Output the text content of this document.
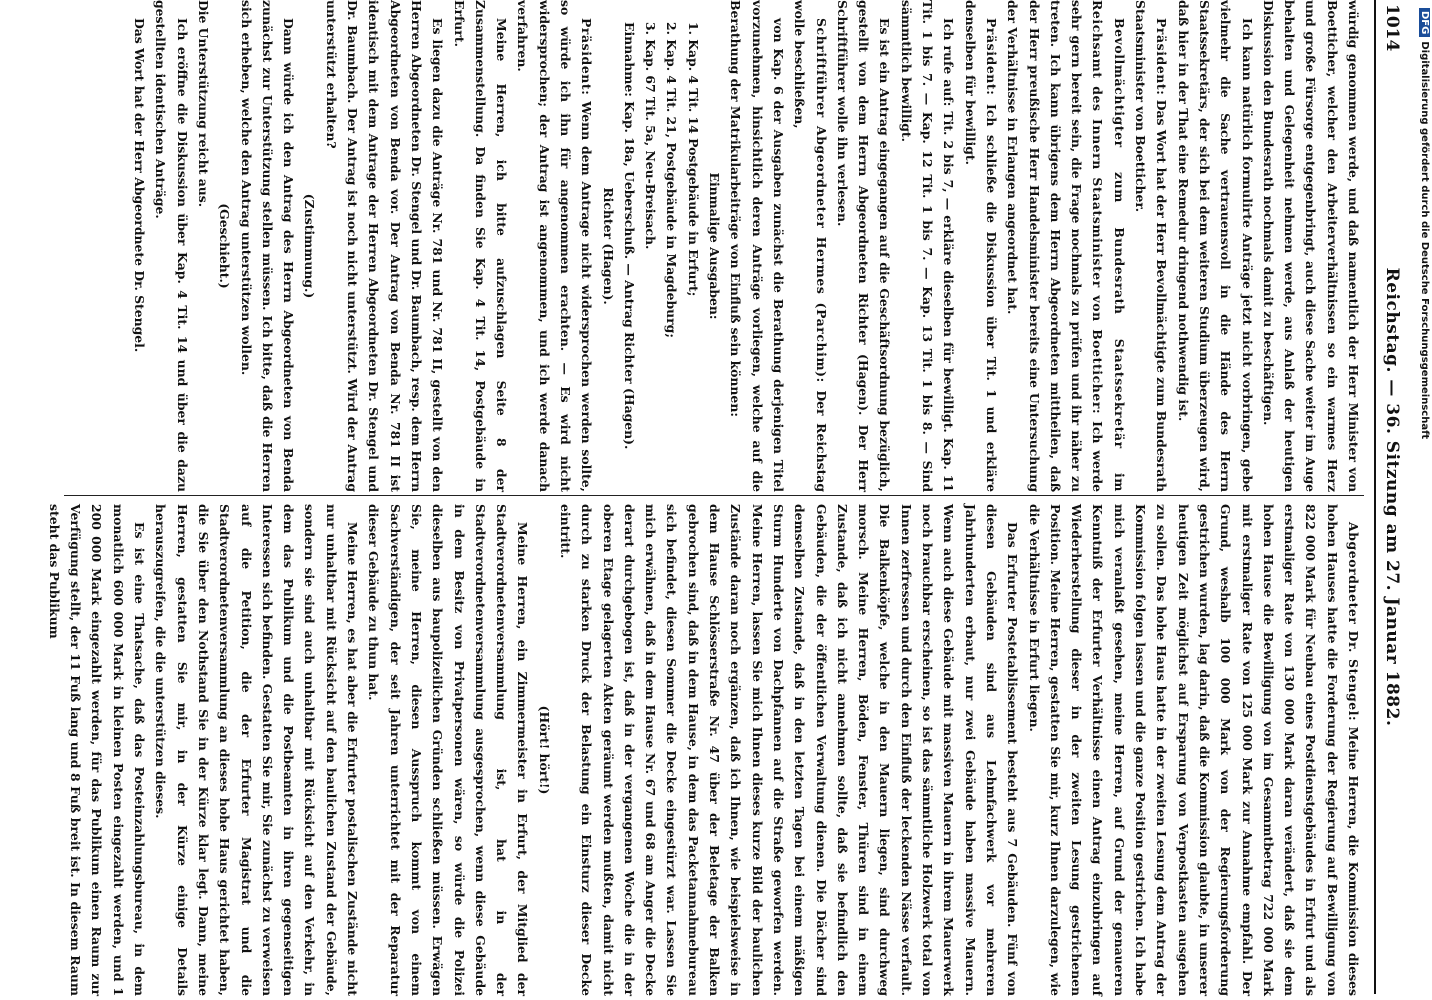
1014
Reichstag. — 36. Sitzung am 27. Januar 1882.

würdig genommen werde, und daß namentlich der Herr Minister von Boetticher, welcher den Arbeiterverhältnissen so ein warmes Herz und große Fürsorge entgegenbringt, auch diese Sache weiter im Auge behalten und Gelegenheit nehmen werde, aus Anlaß der heutigen Diskussion den Bundesrath nochmals damit zu beschäftigen.

Ich kann natürlich formulirte Anträge jetzt nicht vorbringen, gebe vielmehr die Sache vertrauensvoll in die Hände des Herrn Staatssekretärs, der sich bei dem weiteren Studium überzeugen wird, daß hier in der That eine Remedur dringend nothwendig ist.

Präsident: Das Wort hat der Herr Bevollmächtigte zum Bundesrath Staatsminister von Boetticher.

Bevollmächtigter zum Bundesrath Staatssekretär im Reichsamt des Innern Staatsminister von Boetticher: Ich werde sehr gern bereit sein, die Frage nochmals zu prüfen und ihr näher zu treten. Ich kann übrigens dem Herrn Abgeordneten mittheilen, daß der Herr preußische Herr Handelsminister bereits eine Untersuchung der Verhältnisse in Erlangen angeordnet hat.

Präsident: Ich schließe die Diskussion über Tit. 1 und erkläre denselben für bewilligt.

Ich rufe auf: Tit. 2 bis 7, — erkläre dieselben für bewilligt. Kap. 11 Tit. 1 bis 7. — Kap. 12 Tit. 1 bis 7. — Kap. 13 Tit. 1 bis 8. — Sind sämmtlich bewilligt.

Es ist ein Antrag eingegangen auf die Geschäftsordnung bezüglich, gestellt von dem Herrn Abgeordneten Richter (Hagen). Der Herr Schriftführer wolle ihn verlesen.

Schriftführer Abgeordneter Hermes (Parchim): Der Reichstag wolle beschließen,

von Kap. 6 der Ausgaben zunächst die Berathung derjenigen Titel vorzunehmen, hinsichtlich deren Anträge vorliegen, welche auf die Berathung der Matrikularbeiträge von Einfluß sein können:

Einmalige Ausgaben:

1. Kap. 4 Tit. 14 Postgebäude in Erfurt;

2. Kap. 4 Tit. 21, Postgebäude in Magdeburg;

3. Kap. 67 Tit. 5a, Neu-Breisach.

Einnahme: Kap. 18a, Ueberschuß. — Antrag Richter (Hagen).

Richter (Hagen).

Präsident: Wenn dem Antrage nicht widersprochen werden sollte, so würde ich ihn für angenommen erachten. — Es wird nicht widersprochen; der Antrag ist angenommen, und ich werde danach verfahren.

Meine Herren, ich bitte aufzuschlagen Seite 8 der Zusammenstellung. Da finden Sie Kap. 4 Tit. 14, Postgebäude in Erfurt.

Es liegen dazu die Anträge Nr. 781 und Nr. 781 II, gestellt von den Herren Abgeordneten Dr. Stengel und Dr. Baumbach, resp. dem Herrn Abgeordneten von Benda vor. Der Antrag von Benda Nr. 781 II ist identisch mit dem Antrage der Herren Abgeordneten Dr. Stengel und Dr. Baumbach. Der Antrag ist noch nicht unterstützt. Wird der Antrag unterstützt erhalten?

(Zustimmung.)

Dann würde ich den Antrag des Herrn Abgeordneten von Benda zunächst zur Unterstützung stellen müssen. Ich bitte, daß die Herren sich erheben, welche den Antrag unterstützen wollen.

(Geschieht.)

Die Unterstützung reicht aus.

Ich eröffne die Diskussion über Kap. 4 Tit. 14 und über die dazu gestellten identischen Anträge.

Das Wort hat der Herr Abgeordnete Dr. Stengel.

Abgeordneter Dr. Stengel: Meine Herren, die Kommission dieses hohen Hauses hatte die Forderung der Regierung auf Bewilligung von 822 000 Mark für Neubau eines Postdienstgebäudes in Erfurt und als erstmaliger Rate von 130 000 Mark daran verändert, daß sie dem hohen Hause die Bewilligung von im Gesammtbetrag 722 000 Mark mit erstmaliger Rate von 125 000 Mark zur Annahme empfahl. Der Grund, weshalb 100 000 Mark von der Regierungsforderung gestrichen wurden, lag darin, daß die Kommission glaubte, in unserer heutigen Zeit möglichst auf Ersparung von Verpostkasten ausgehen zu sollen. Das hohe Haus hatte in der zweiten Lesung dem Antrag der Kommission folgen lassen und die ganze Position gestrichen. Ich habe mich veranlaßt gesehen, meine Herren, auf Grund der genaueren Kenntniß der Erfurter Verhältnisse einen Antrag einzubringen auf Wiederherstellung dieser in der zweiten Lesung gestrichenen Position. Meine Herren, gestatten Sie mir, kurz Ihnen darzulegen, wie die Verhältnisse in Erfurt liegen.

Das Erfurter Postetablissement besteht aus 7 Gebäuden. Fünf von diesen Gebäuden sind aus Lehmfachwerk vor mehreren Jahrhunderten erbaut, nur zwei Gebäude haben massive Mauern. Wenn auch diese Gebäude mit massiven Mauern in ihrem Mauerwerk noch brauchbar erscheinen, so ist das sämmtliche Holzwerk total von Innen zerfressen und durch den Einfluß der leckenden Nässe verfault. Die Balkenköpfe, welche in den Mauern liegen, sind durchweg morsch. Meine Herren, Böden, Fenster, Thüren sind in einem Zustande, daß ich nicht annehmen sollte, daß sie befindlich den Gebäuden, die der öffentlichen Verwaltung dienen. Die Dächer sind demselben Zustande, daß in den letzten Tagen bei einem mäßigen Sturm Hunderte von Dachpfannen auf die Straße geworfen werden. Meine Herren, lassen Sie mich Ihnen dieses kurze Bild der baulichen Zustände daran noch ergänzen, daß ich Ihnen, wie beispielsweise in dem Hause Schlösserstraße Nr. 47 über der Beletage der Balken gebrochen sind, daß in dem Hause, in dem das Packetannahmebureau sich befindet, diesen Sommer die Decke eingestürzt war. Lassen Sie mich erwähnen, daß in dem Hause Nr. 67 und 68 am Anger die Decke derart durchgebogen ist, daß in der vergangenen Woche die in der oberen Etage gelagerten Akten geräumt werden mußten, damit nicht durch zu starken Druck der Belastung ein Einsturz dieser Decke eintritt.

(Hört! hört!)

Meine Herren, ein Zimmermeister in Erfurt, der Mitglied der Stadtverordnetenversammlung ist, hat in der Stadtverordnetenversammlung ausgesprochen, wenn diese Gebäude in dem Besitz von Privatpersonen wären, so würde die Polizei dieselben aus baupolizeilichen Gründen schließen müssen. Erwägen Sie, meine Herren, diesen Ausspruch kommt von einem Sachverständigen, der seit Jahren unterrichtet mit der Reparatur dieser Gebäude zu thun hat.

Meine Herren, es hat aber die Erfurter postalischen Zustände nicht nur unhaltbar mit Rücksicht auf den baulichen Zustand der Gebäude, sondern sie sind auch unhaltbar mit Rücksicht auf den Verkehr, in dem das Publikum und die Postbeamten in ihren gegenseitigen Interessen sich befinden. Gestatten Sie mir, Sie zunächst zu verweisen auf die Petition, die der Erfurter Magistrat und die Stadtverordnetenversammlung an dieses hohe Haus gerichtet haben, die Sie über den Nothstand Sie in der Kürze klar legt. Dann, meine Herren, gestatten Sie mir, in der Kürze einige Details herauszugreifen, die die unterstützen dieses.

Es ist eine Thatsache, daß das Posteinzahlungsbureau, in dem monatlich 600 000 Mark in kleinen Posten eingezahlt werden, und 1 200 000 Mark eingezahlt werden, für das Publikum einen Raum zur Verfügung stellt, der 11 Fuß lang und 8 Fuß breit ist. In diesem Raum steht das Publikum

DFGDigitalisierung gefördert durch die Deutsche Forschungsgemeinschaft
